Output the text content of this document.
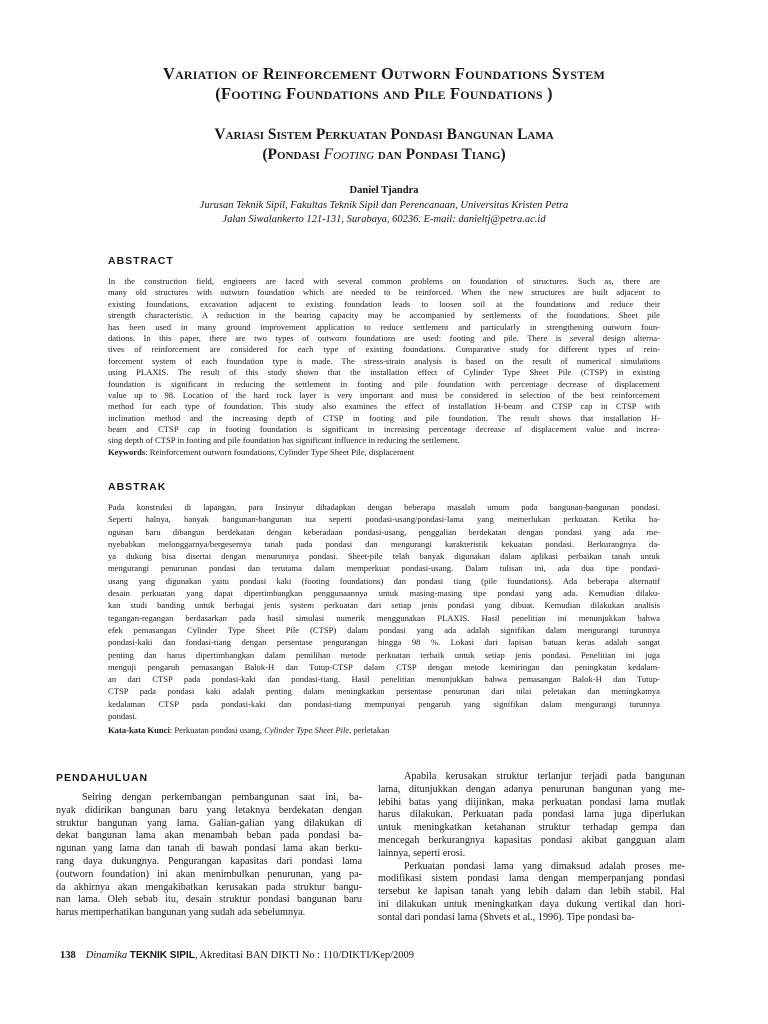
Variation of Reinforcement Outworn Foundations System
(Footing Foundations and Pile Foundations )
Variasi Sistem Perkuatan Pondasi Bangunan Lama
(Pondasi Footing dan Pondasi Tiang)
Daniel Tjandra
Jurusan Teknik Sipil, Fakultas Teknik Sipil dan Perencanaan, Universitas Kristen Petra
Jalan Siwalankerto 121-131, Surabaya, 60236. E-mail: danieltj@petra.ac.id
ABSTRACT
In the construction field, engineers are faced with several common problems on foundation of structures. Such as, there are
many old structures with outworn foundation which are needed to be reinforced. When the new structures are built adjacent to
existing foundations, excavation adjacent to existing foundation leads to loosen soil at the foundations and reduce their
strength characteristic. A reduction in the bearing capacity may be accompanied by settlements of the foundations. Sheet pile
has been used in many ground improvement application to reduce settlement and particularly in strengthening outworn foun-
dations. In this paper, there are two types of outworn foundations are used: footing and pile. There is several design alterna-
tives of reinforcement are considered for each type of existing foundations. Comparative study for different types of rein-
forcement system of each foundation type is made. The stress-strain analysis is based on the result of numerical simulations
using PLAXIS. The result of this study shown that the installation effect of Cylinder Type Sheet Pile (CTSP) in existing
foundation is significant in reducing the settlement in footing and pile foundation with percentage decrease of displacement
value up to 98. Location of the hard rock layer is very important and must be considered in selection of the best reinforcement
method for each type of foundation. This study also examines the effect of installation H-beam and CTSP cap in CTSP with
inclination method and the increasing depth of CTSP in footing and pile foundation. The result shows that installation H-
beam and CTSP cap in footing foundation is significant in increasing percentage decrease of displacement value and increa-
sing depth of CTSP in footing and pile foundation has significant influence in reducing the settlement.
Keywords: Reinforcement outworn foundations, Cylinder Type Sheet Pile, displacement
ABSTRAK
Pada konstruksi di lapangan, para Insinyur dihadapkan dengan beberapa masalah umum pada bangunan-bangunan pondasi.
Seperti halnya, banyak bangunan-bangunan tua seperti pondasi-usang/pondasi-lama yang memerlukan perkuatan. Ketika ba-
ngunan baru dibangun berdekatan dengan keberadaan pondasi-usang, penggalian berdekatan dengan pondasi yang ada me-
nyebabkan melonggarnya/bergesernya tanah pada pondasi dan mengurangi karakteristik kekuatan pondasi. Berkurangnya da-
ya dukung bisa disertai dengan menurunnya pondasi. Sheet-pile telah banyak digunakan dalam aplikasi perbaikan tanah untuk
mengurangi penurunan pondasi dan terutama dalam memperkuat pondasi-usang. Dalam tulisan ini, ada dua tipe pondasi-
usang yang digunakan yaitu pondasi kaki (footing foundations) dan pondasi tiang (pile foundations). Ada beberapa alternatif
desain perkuatan yang dapat dipertimbangkan penggunaannya untuk masing-masing tipe pondasi yang ada. Kemudian dilaku-
kan studi banding untuk berbagai jenis system perkuatan dari setiap jenis pondasi yang dibuat. Kemudian dilakukan analisis
tegangan-regangan berdasarkan pada hasil simulasi numerik menggunakan PLAXIS. Hasil penelitian ini menunjukkan bahwa
efek pemasangan Cylinder Type Sheet Pile (CTSP) dalam pondasi yang ada adalah signifikan dalam mengurangi turunnya
pondasi-kaki dan fondasi-tiang dengan persentase pengurangan hingga 98 %. Lokasi dari lapisan batuan keras adalah sangat
penting dan harus dipertimbangkan dalam pemilihan metode perkuatan terbaik untuk setiap jenis pondasi. Penelitian ini juga
menguji pengaruh pemasangan Balok-H dan Tutup-CTSP dalam CTSP dengan metode kemiringan dan peningkatan kedalam-
an dari CTSP pada pondasi-kaki dan pondasi-tiang. Hasil penelitian menunjukkan bahwa pemasangan Balok-H dan Tutup-
CTSP pada pondasi kaki adalah penting dalam meningkatkan persentase penurunan dari nilai peletakan dan meningkatnya
kedalaman CTSP pada pondasi-kaki dan pondasi-tiang mempunyai pengaruh yang signifikan dalam mengurangi turunnya
pondasi.
Kata-kata Kunci: Perkuatan pondasi usang, Cylinder Type Sheet Pile, perletakan
PENDAHULUAN
Seiring dengan perkembangan pembangunan saat ini, ba-
nyak didirikan bangunan baru yang letaknya berdekatan dengan
struktur bangunan yang lama. Galian-galian yang dilakukan di
dekat bangunan lama akan menambah beban pada pondasi ba-
ngunan yang lama dan tanah di bawah pondasi lama akan berku-
rang daya dukungnya. Pengurangan kapasitas dari pondasi lama
(outworn foundation) ini akan menimbulkan penurunan, yang pa-
da akhirnya akan mengakibatkan kerusakan pada struktur bangu-
nan lama. Oleh sebab itu, desain struktur pondasi bangunan baru
harus memperhatikan bangunan yang sudah ada sebelumnya.
Apabila kerusakan struktur terlanjur terjadi pada bangunan
lama, ditunjukkan dengan adanya penurunan bangunan yang me-
lebihi batas yang diijinkan, maka perkuatan pondasi lama mutlak
harus dilakukan. Perkuatan pada pondasi lama juga diperlukan
untuk meningkatkan ketahanan struktur terhadap gempa dan
mencegah berkurangnya kapasitas pondasi akibat gangguan alam
lainnya, seperti erosi.
Perkuatan pondasi lama yang dimaksud adalah proses me-
modifikasi sistem pondasi lama dengan memperpanjang pondasi
tersebut ke lapisan tanah yang lebih dalam dan lebih stabil. Hal
ini dilakukan untuk meningkatkan daya dukung vertikal dan hori-
sontal dari pondasi lama (Shvets et al., 1996). Tipe pondasi ba-
138 Dinamika TEKNIK SIPIL, Akreditasi BAN DIKTI No : 110/DIKTI/Kep/2009
